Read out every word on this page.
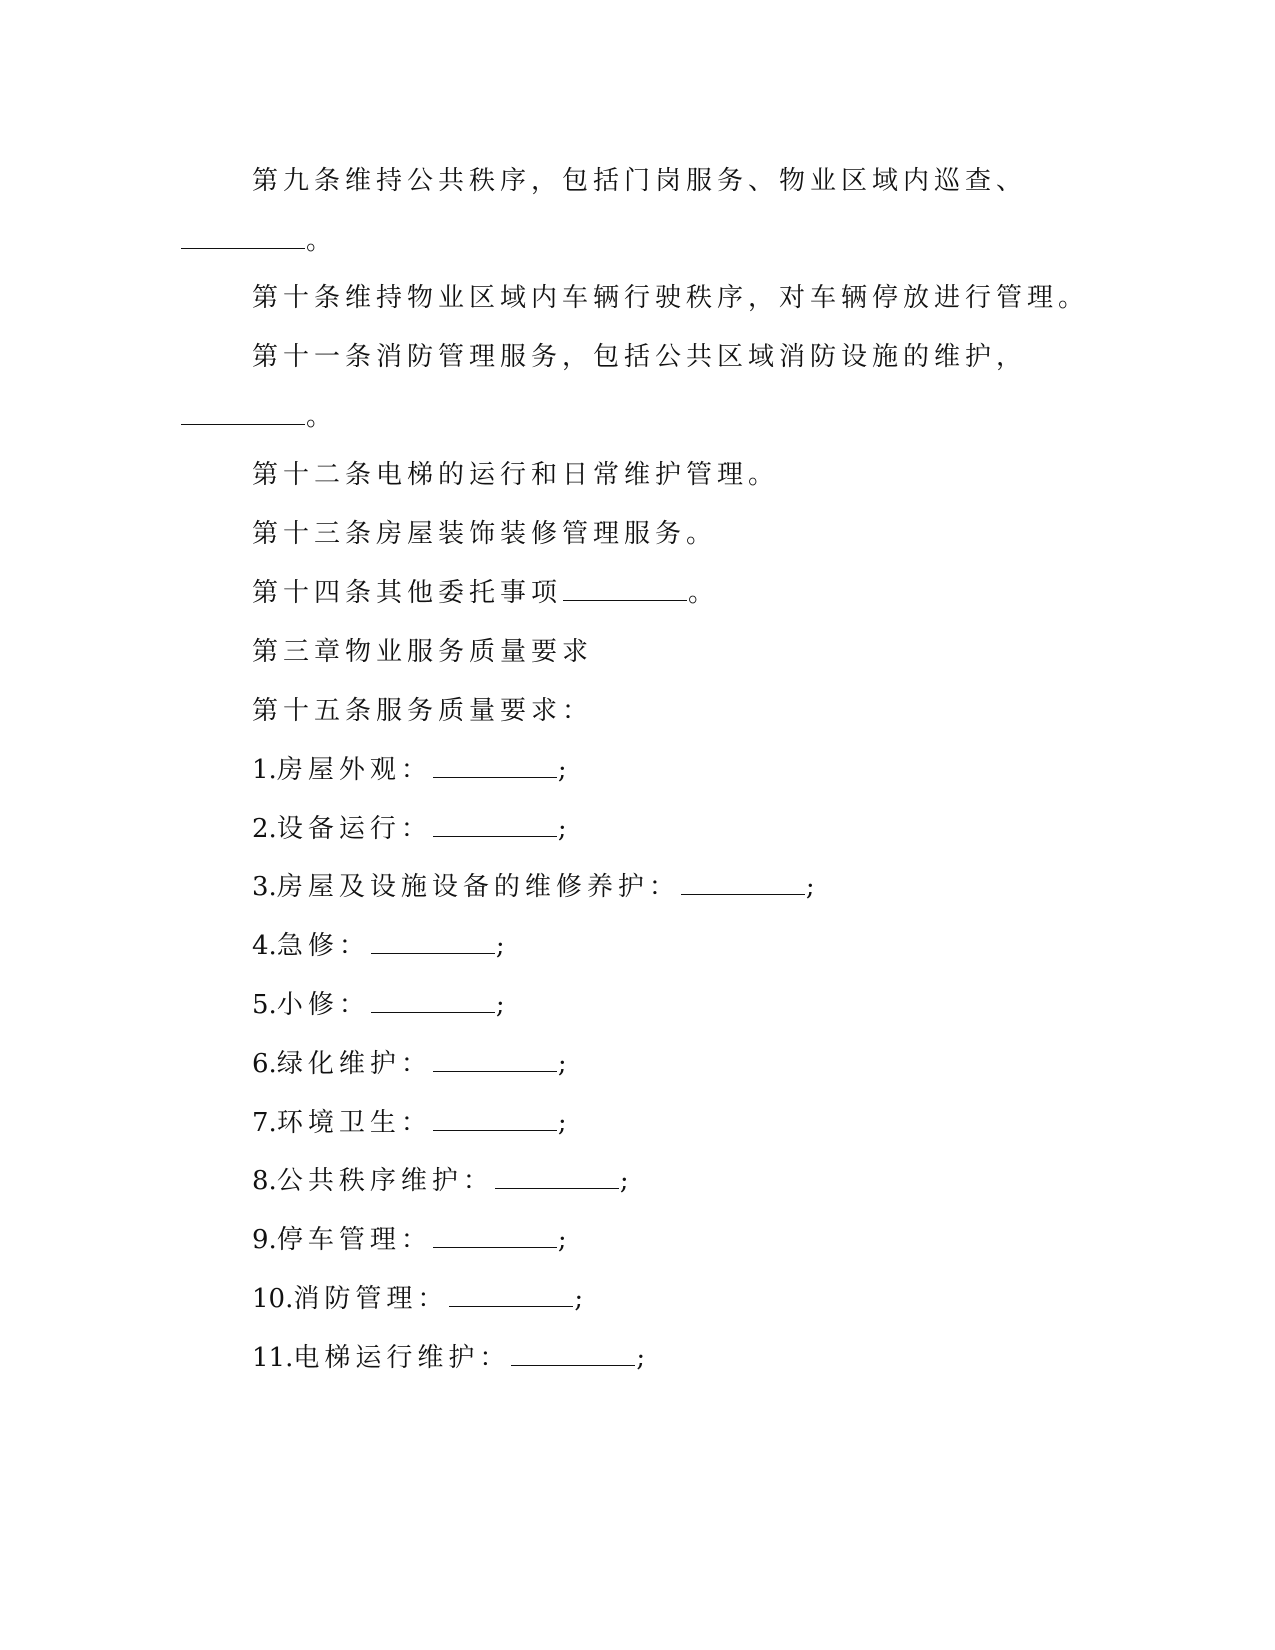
第九条维持公共秩序，包括门岗服务、物业区域内巡查、
。
第十条维持物业区域内车辆行驶秩序，对车辆停放进行管理。
第十一条消防管理服务，包括公共区域消防设施的维护，
。
第十二条电梯的运行和日常维护管理。
第十三条房屋装饰装修管理服务。
第十四条其他委托事项	。
第三章物业服务质量要求
第十五条服务质量要求：
1.房屋外观：	;
2.设备运行：	;
3.房屋及设施设备的维修养护：	;
4.急修：	;
5.小修：	;
6.绿化维护：	;
7.环境卫生：	;
8.公共秩序维护：	;
9.停车管理：	;
10.消防管理：	;
11.电梯运行维护：	;
